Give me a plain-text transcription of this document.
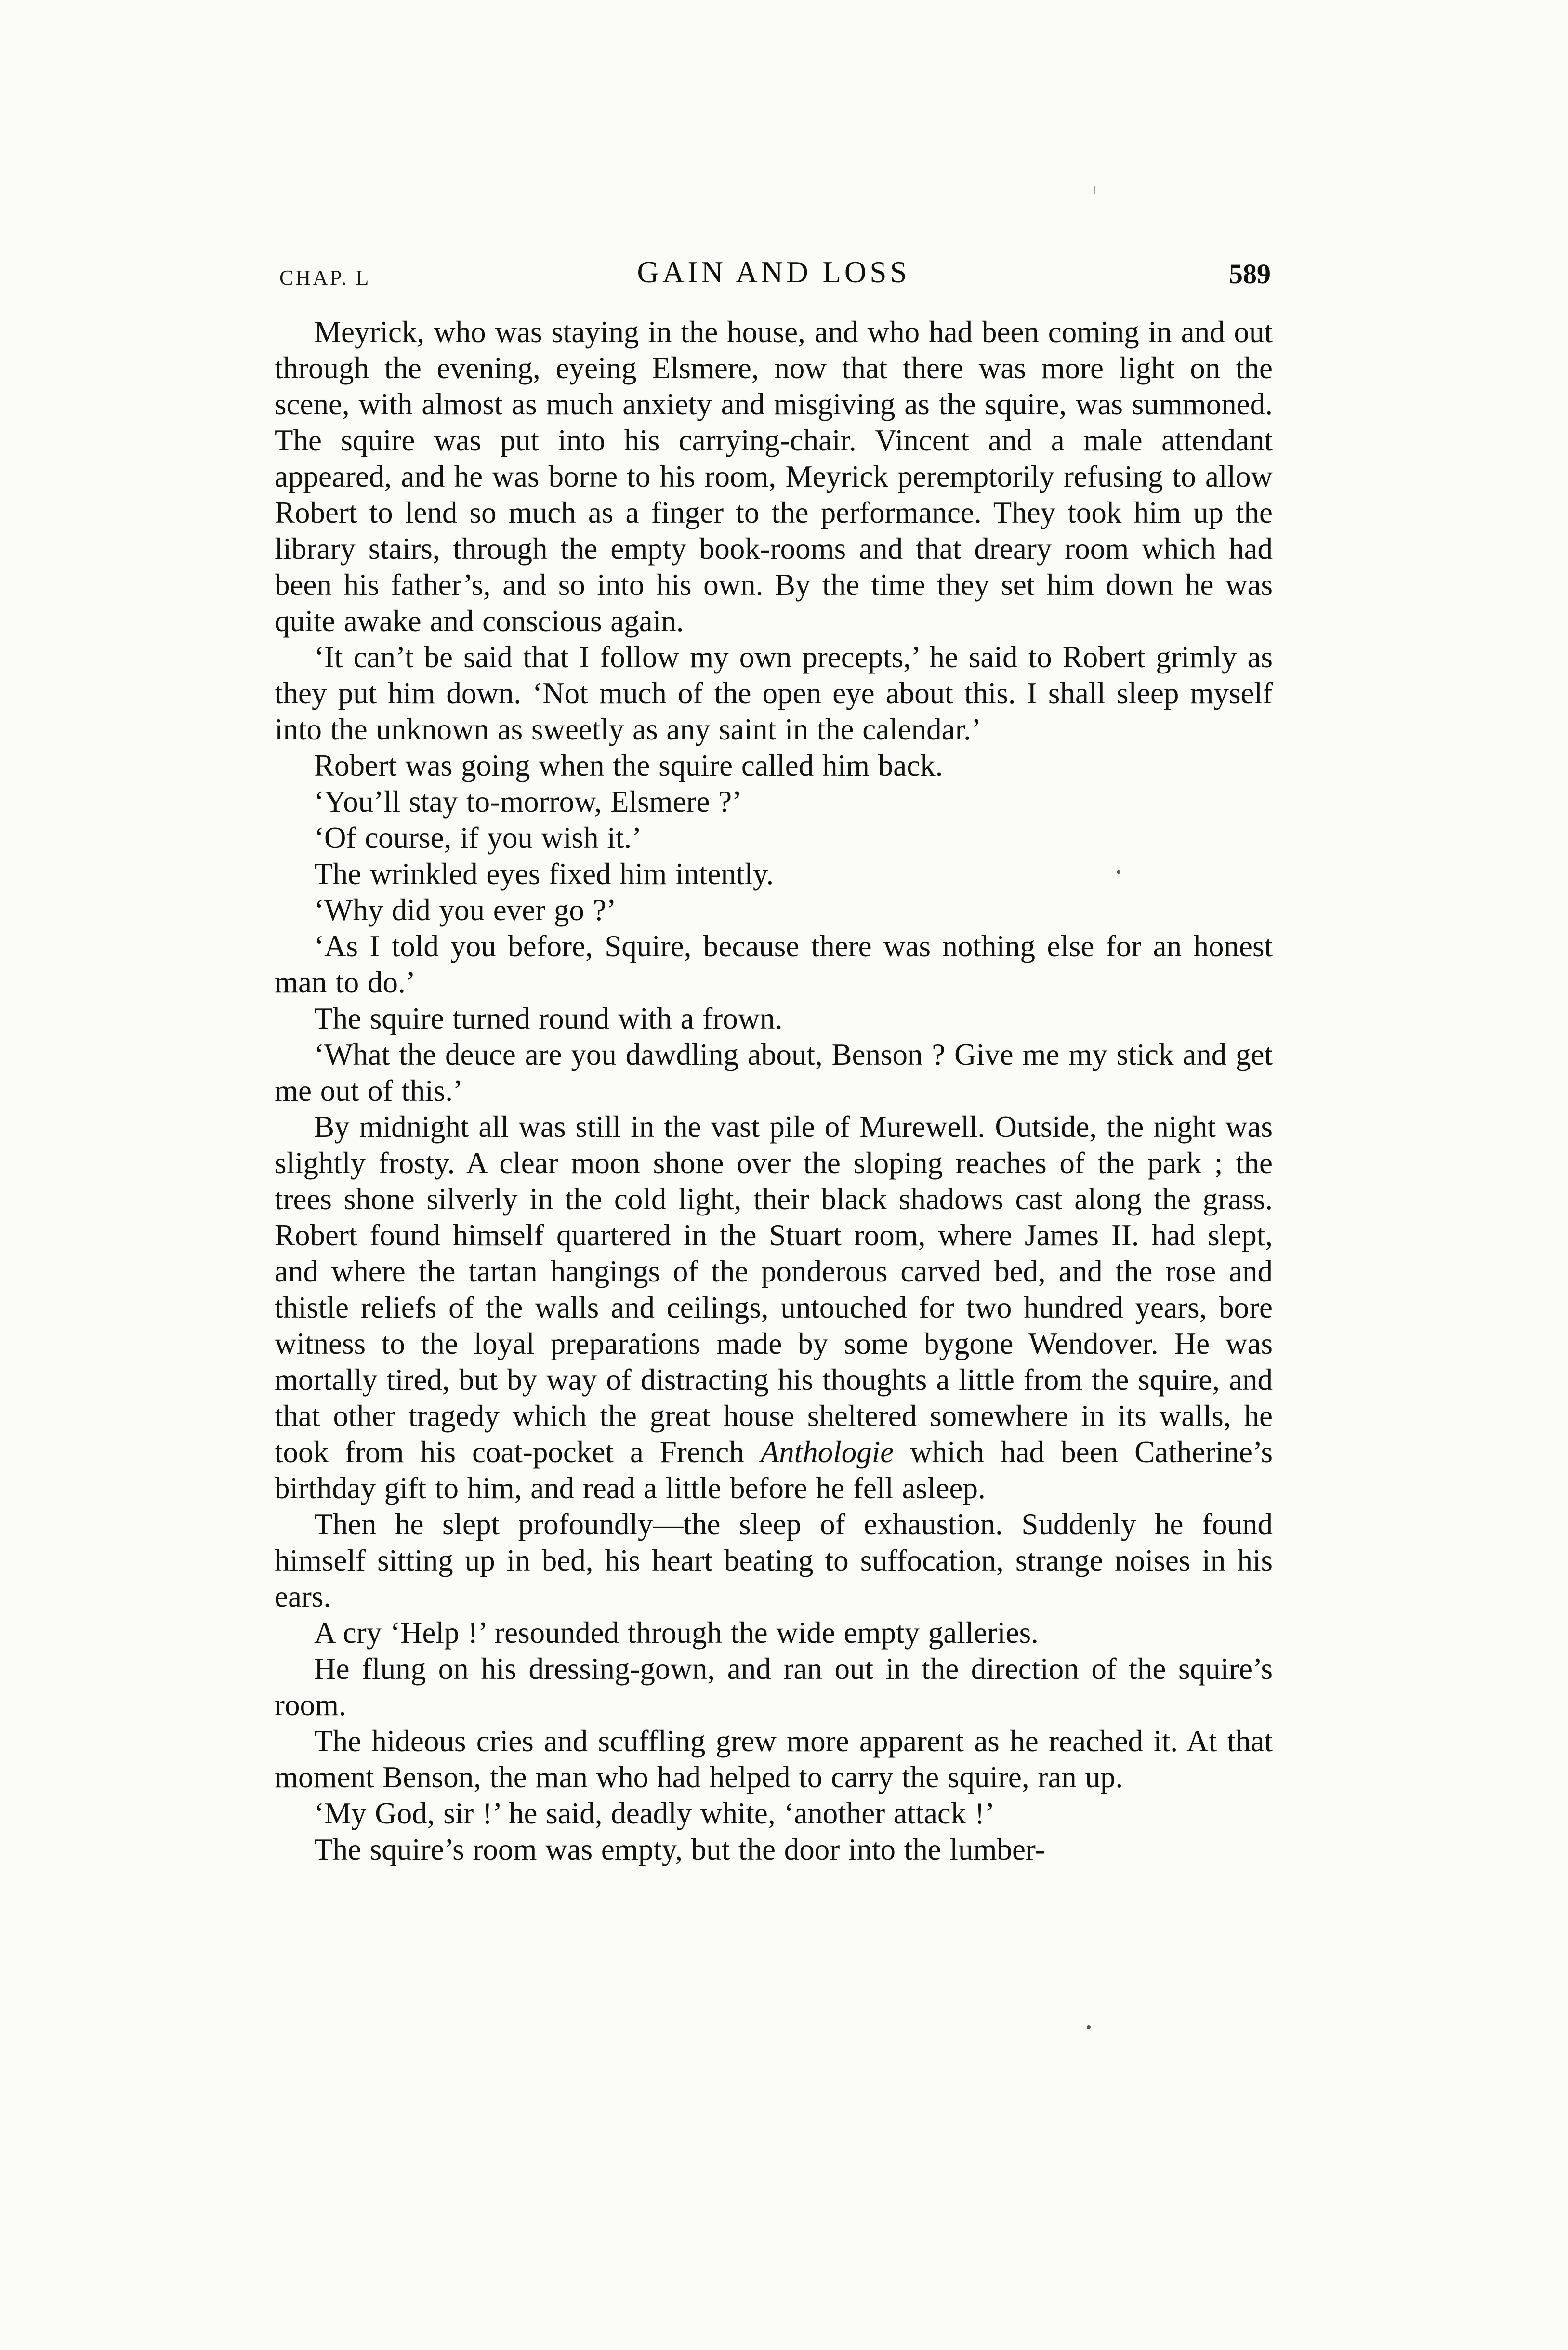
CHAP. L	GAIN AND LOSS	589

Meyrick, who was staying in the house, and who had been coming in and out through the evening, eyeing Elsmere, now that there was more light on the scene, with almost as much anxiety and misgiving as the squire, was summoned. The squire was put into his carrying-chair. Vincent and a male attendant appeared, and he was borne to his room, Meyrick peremptorily refusing to allow Robert to lend so much as a finger to the performance. They took him up the library stairs, through the empty book-rooms and that dreary room which had been his father’s, and so into his own. By the time they set him down he was quite awake and conscious again.

‘It can’t be said that I follow my own precepts,’ he said to Robert grimly as they put him down. ‘Not much of the open eye about this. I shall sleep myself into the unknown as sweetly as any saint in the calendar.’

Robert was going when the squire called him back.

‘You’ll stay to-morrow, Elsmere ?’

‘Of course, if you wish it.’

The wrinkled eyes fixed him intently.

‘Why did you ever go ?’

‘As I told you before, Squire, because there was nothing else for an honest man to do.’

The squire turned round with a frown.

‘What the deuce are you dawdling about, Benson ? Give me my stick and get me out of this.’

By midnight all was still in the vast pile of Murewell. Outside, the night was slightly frosty. A clear moon shone over the sloping reaches of the park ; the trees shone silverly in the cold light, their black shadows cast along the grass. Robert found himself quartered in the Stuart room, where James II. had slept, and where the tartan hangings of the ponderous carved bed, and the rose and thistle reliefs of the walls and ceilings, untouched for two hundred years, bore witness to the loyal preparations made by some bygone Wendover. He was mortally tired, but by way of distracting his thoughts a little from the squire, and that other tragedy which the great house sheltered somewhere in its walls, he took from his coat-pocket a French Anthologie which had been Catherine’s birthday gift to him, and read a little before he fell asleep.

Then he slept profoundly—the sleep of exhaustion. Suddenly he found himself sitting up in bed, his heart beating to suffocation, strange noises in his ears.

A cry ‘Help !’ resounded through the wide empty galleries.

He flung on his dressing-gown, and ran out in the direction of the squire’s room.

The hideous cries and scuffling grew more apparent as he reached it. At that moment Benson, the man who had helped to carry the squire, ran up.

‘My God, sir !’ he said, deadly white, ‘another attack !’

The squire’s room was empty, but the door into the lumber-
